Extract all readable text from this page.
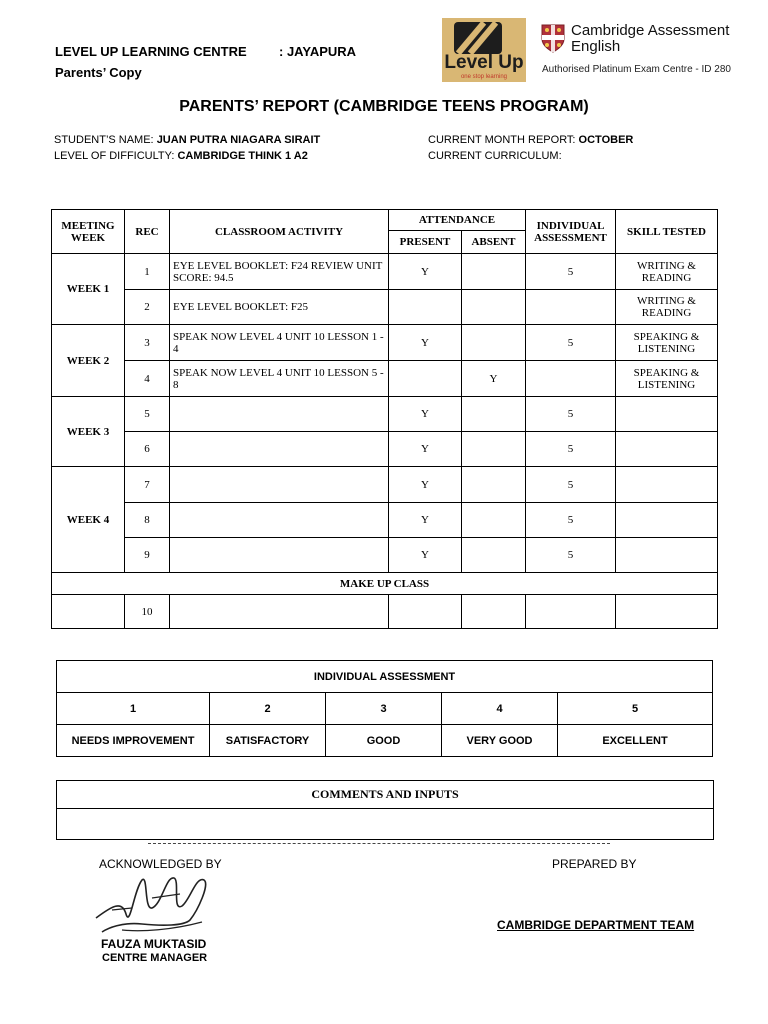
LEVEL UP LEARNING CENTRE : JAYAPURA
Parents’ Copy	Level Up
one stop learning
Cambridge Assessment
English
Authorised Platinum Exam Centre - ID 280
PARENTS’ REPORT (CAMBRIDGE TEENS PROGRAM)
STUDENT’S NAME: JUAN PUTRA NIAGARA SIRAIT
LEVEL OF DIFFICULTY: CAMBRIDGE THINK 1 A2
CURRENT MONTH REPORT: OCTOBER
CURRENT CURRICULUM:
MEETING WEEK	REC	CLASSROOM ACTIVITY	ATTENDANCE		INDIVIDUAL ASSESSMENT	SKILL TESTED
			PRESENT	ABSENT		
WEEK 1	1	EYE LEVEL BOOKLET: F24 REVIEW UNIT SCORE: 94.5	Y		5	WRITING & READING
	2	EYE LEVEL BOOKLET: F25				WRITING & READING
WEEK 2	3	SPEAK NOW LEVEL 4 UNIT 10 LESSON 1 - 4	Y		5	SPEAKING & LISTENING
	4	SPEAK NOW LEVEL 4 UNIT 10 LESSON 5 - 8		Y		SPEAKING & LISTENING
WEEK 3	5		Y		5	
	6		Y		5	
WEEK 4	7		Y		5	
	8		Y		5	
	9		Y		5	
MAKE UP CLASS						
	10					
INDIVIDUAL ASSESSMENT				
1	2	3	4	5
NEEDS IMPROVEMENT	SATISFACTORY	GOOD	VERY GOOD	EXCELLENT
COMMENTS AND INPUTS

ACKNOWLEDGED BY	PREPARED BY
FAUZA MUKTASID
CENTRE MANAGER
CAMBRIDGE DEPARTMENT TEAM
